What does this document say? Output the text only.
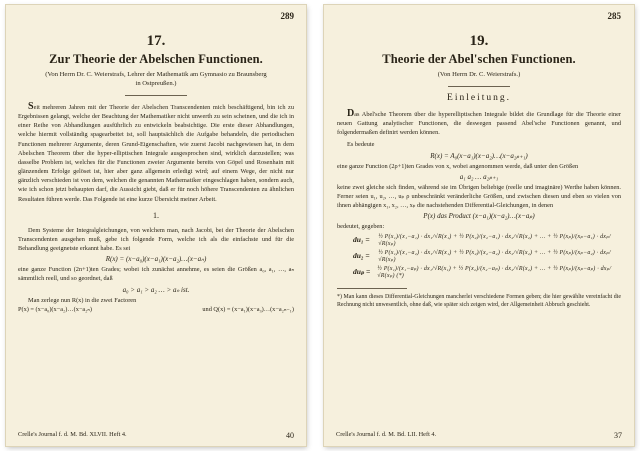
289
17.
Zur Theorie der Abelschen Functionen.
(Von Herrn Dr. C. Weierstrafs, Lehrer der Mathematik am Gymnasio zu Braunsberg
in Ostpreußen.)

Seit mehreren Jahren mit der Theorie der Abelschen Transcendenten mich beschäftigend, bin ich zu Ergebnissen gelangt, welche der Beachtung der Mathematiker nicht unwerth zu sein scheinen, und die ich in einer Reihe von Abhandlungen ausführlich zu entwickeln beabsichtige. Die erste dieser Abhandlungen, welche hiermit vollständig spagearbeitet ist, soll hauptsächlich die Aufgabe behandeln, die periodischen Functionen mehrerer Argumente, deren Grund-Eigenschaften, wie zuerst Jacobi nachgewiesen hat, in dem Abelschen Theorem über die hyper-elliptischen Integrale ausgesprochen sind, wirklich darzustellen; was dasselbe Problem ist, welches für die Functionen zweier Argumente bereits von Göpel und Rosenhain mit glänzendem Erfolge gelöset ist, hier aber ganz allgemein erledigt wird; auf einem Wege, der nicht nur gänzlich verschieden ist von dem, welchen die genannten Mathematiker eingeschlagen haben, sondern auch, wie ich schon jetzt behaupten darf, die Aussicht giebt, daß er für noch höhere Transcendenten zu ähnlichen Resultaten führen werde. Das Folgende ist eine kurze Übersicht meiner Arbeit.

1.

Dem Systeme der Integralgleichungen, von welchem man, nach Jacobi, bei der Theorie der Abelschen Transcendenten ausgehen muß, gebe ich folgende Form, welche ich als die einfachste und für die Behandlung geeignetste erkannt habe. Es sei

R(x) = (x−a₀)(x−a₁)(x−a₂)…(x−aₙ)

eine ganze Function (2n+1)ten Grades; wobei ich zunächst annehme, es seien die Größen a₀, a₁, …, aₙ sämmtlich reell, und so geordnet, daß

a₀ > a₁ > a₂ … > aₙ ist.
Man zerlege nun R(x) in die zwei Factoren
P(x) = (x−a₀)(x−a₂)…(x−a₂ₙ)	und Q(x) = (x−a₁)(x−a₃)…(x−a₂ₙ₋₁)
Crelle's Journal f. d. M. Bd. XLVII. Heft 4.	40
285
19.
Theorie der Abel'schen Functionen.
(Von Herrn Dr. C. Weierstrafs.)
Einleitung.

Das Abel'sche Theorem über die hyperelliptischen Integrale bildet die Grundlage für die Theorie einer neuen Gattung analytischer Functionen, die deswegen passend Abel'sche Functionen genannt, und folgendermaßen definirt werden können.

Es bedeute
R(x) = A₀(x−a₁)(x−a₂)…(x−a₂ₚ₊₁)

eine ganze Function (2ρ+1)ten Grades von x, wobei angenommen werde, daß unter den Größen

a₁ a₂ … a₂ₚ₊₁

keine zwei gleiche sich finden, während sie im Übrigen beliebige (reelle und imaginäre) Werthe haben können. Ferner seien u₁, u₂, …, uₚ ρ unbeschränkt veränderliche Größen, und zwischen diesen und eben so vielen von ihnen abhängigen x₁, x₂, …, xₚ die nachstehenden Differential-Gleichungen, in denen

P(x) das Product (x−a₁)(x−a₂)…(x−aₚ)
bedeutet, gegeben:
du₁ =	½ P(x₁)/(x₁−a₁) · dx₁/√R(x₁) + ½ P(x₂)/(x₂−a₁) · dx₂/√R(x₂) + … + ½ P(xₚ)/(xₚ−a₁) · dxₚ/√R(xₚ)
du₂ =	½ P(x₁)/(x₁−a₂) · dx₁/√R(x₁) + ½ P(x₂)/(x₂−a₂) · dx₂/√R(x₂) + … + ½ P(xₚ)/(xₚ−a₂) · dxₚ/√R(xₚ)
duₚ =	½ P(x₁)/(x₁−aₚ) · dx₁/√R(x₁) + ½ P(x₂)/(x₂−aₚ) · dx₂/√R(x₂) + … + ½ P(xₚ)/(xₚ−aₚ) · dxₚ/√R(xₚ) (*)

*) Man kann dieses Differential-Gleichungen mancherlei verschiedene Formen geben; die hier gewählte vereinfacht die Rechnung nicht unwesentlich, ohne daß, wie später sich zeigen wird, der Allgemeinheit Abbruch geschieht.

Crelle's Journal f. d. M. Bd. LII. Heft 4.	37
